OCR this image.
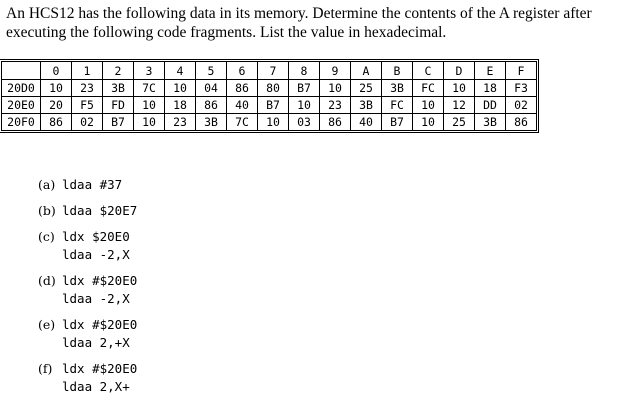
An HCS12 has the following data in its memory. Determine the contents of the A register after executing the following code fragments. List the value in hexadecimal.
	0	1	2	3	4	5	6	7	8	9	A	B	C	D	E	F
20D0	10	23	3B	7C	10	04	86	80	B7	10	25	3B	FC	10	18	F3
20E0	20	F5	FD	10	18	86	40	B7	10	23	3B	FC	10	12	DD	02
20F0	86	02	B7	10	23	3B	7C	10	03	86	40	B7	10	25	3B	86
(a) ldaa #37
(b) ldaa $20E7
(c) ldx $20E0
ldaa -2,X
(d) ldx #$20E0
ldaa -2,X
(e) ldx #$20E0
ldaa 2,+X
(f) ldx #$20E0
ldaa 2,X+
